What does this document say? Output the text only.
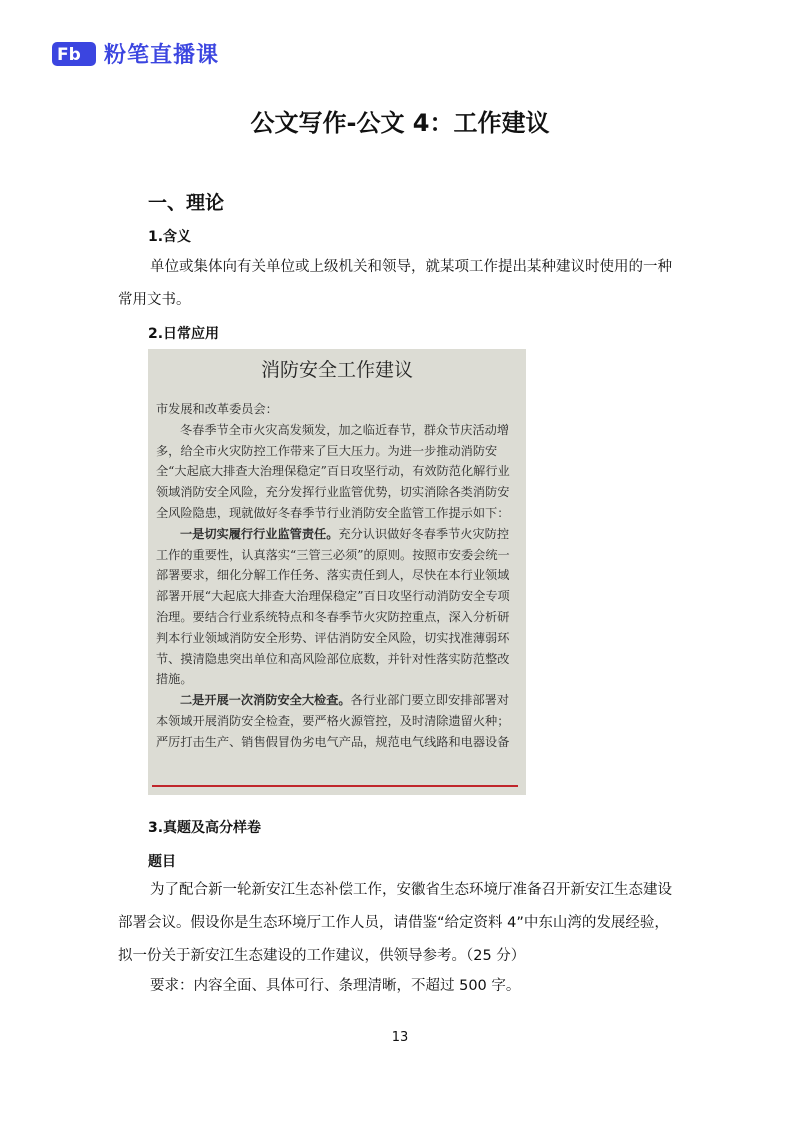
Fb 粉笔直播课
公文写作-公文 4：工作建议
一、理论
1.含义

单位或集体向有关单位或上级机关和领导，就某项工作提出某种建议时使用的一种常用文书。

2.日常应用
消防安全工作建议

市发展和改革委员会：

冬春季节全市火灾高发频发，加之临近春节，群众节庆活动增多，给全市火灾防控工作带来了巨大压力。为进一步推动消防安全“大起底大排查大治理保稳定”百日攻坚行动，有效防范化解行业领域消防安全风险，充分发挥行业监管优势，切实消除各类消防安全风险隐患，现就做好冬春季节行业消防安全监管工作提示如下：

一是切实履行行业监管责任。充分认识做好冬春季节火灾防控工作的重要性，认真落实“三管三必须”的原则。按照市安委会统一部署要求，细化分解工作任务、落实责任到人，尽快在本行业领域部署开展“大起底大排查大治理保稳定”百日攻坚行动消防安全专项治理。要结合行业系统特点和冬春季节火灾防控重点，深入分析研判本行业领域消防安全形势、评估消防安全风险，切实找准薄弱环节、摸清隐患突出单位和高风险部位底数，并针对性落实防范整改措施。

二是开展一次消防安全大检查。各行业部门要立即安排部署对本领域开展消防安全检查，要严格火源管控，及时清除遗留火种；严厉打击生产、销售假冒伪劣电气产品，规范电气线路和电器设备

3.真题及高分样卷
题目

为了配合新一轮新安江生态补偿工作，安徽省生态环境厅准备召开新安江生态建设部署会议。假设你是生态环境厅工作人员，请借鉴“给定资料 4”中东山湾的发展经验，拟一份关于新安江生态建设的工作建议，供领导参考。（25 分）

要求：内容全面、具体可行、条理清晰，不超过 500 字。

13
